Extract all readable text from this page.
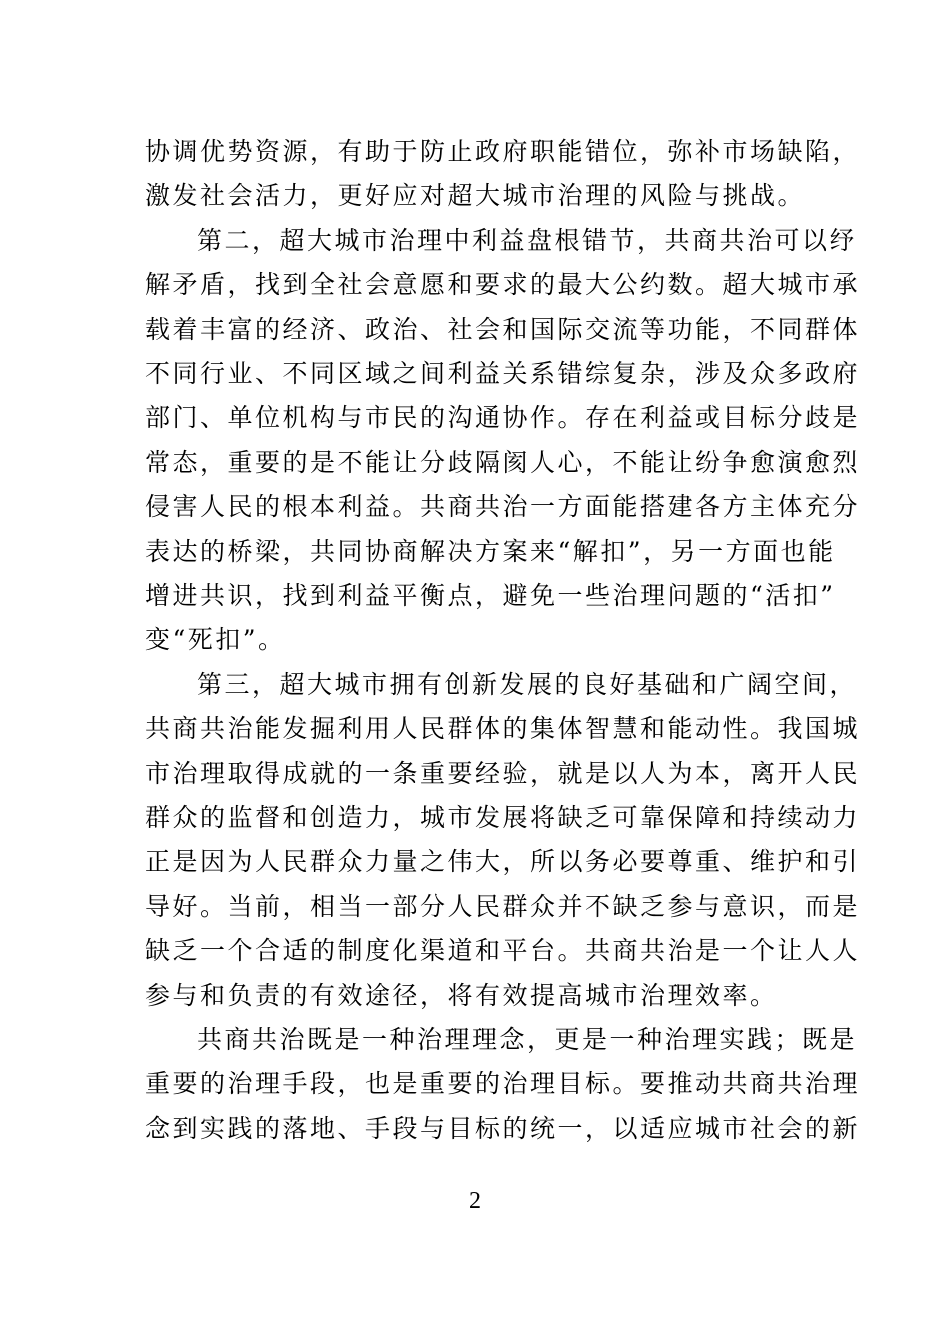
协调优势资源，有助于防止政府职能错位，弥补市场缺陷，
激发社会活力，更好应对超大城市治理的风险与挑战。
第二，超大城市治理中利益盘根错节，共商共治可以纾
解矛盾，找到全社会意愿和要求的最大公约数。超大城市承
载着丰富的经济、政治、社会和国际交流等功能，不同群体
不同行业、不同区域之间利益关系错综复杂，涉及众多政府
部门、单位机构与市民的沟通协作。存在利益或目标分歧是
常态，重要的是不能让分歧隔阂人心，不能让纷争愈演愈烈
侵害人民的根本利益。共商共治一方面能搭建各方主体充分
表达的桥梁，共同协商解决方案来“解扣”，另一方面也能
增进共识，找到利益平衡点，避免一些治理问题的“活扣”
变“死扣”。
第三，超大城市拥有创新发展的良好基础和广阔空间，
共商共治能发掘利用人民群体的集体智慧和能动性。我国城
市治理取得成就的一条重要经验，就是以人为本，离开人民
群众的监督和创造力，城市发展将缺乏可靠保障和持续动力
正是因为人民群众力量之伟大，所以务必要尊重、维护和引
导好。当前，相当一部分人民群众并不缺乏参与意识，而是
缺乏一个合适的制度化渠道和平台。共商共治是一个让人人
参与和负责的有效途径，将有效提高城市治理效率。
共商共治既是一种治理理念，更是一种治理实践；既是
重要的治理手段，也是重要的治理目标。要推动共商共治理
念到实践的落地、手段与目标的统一，以适应城市社会的新
2
